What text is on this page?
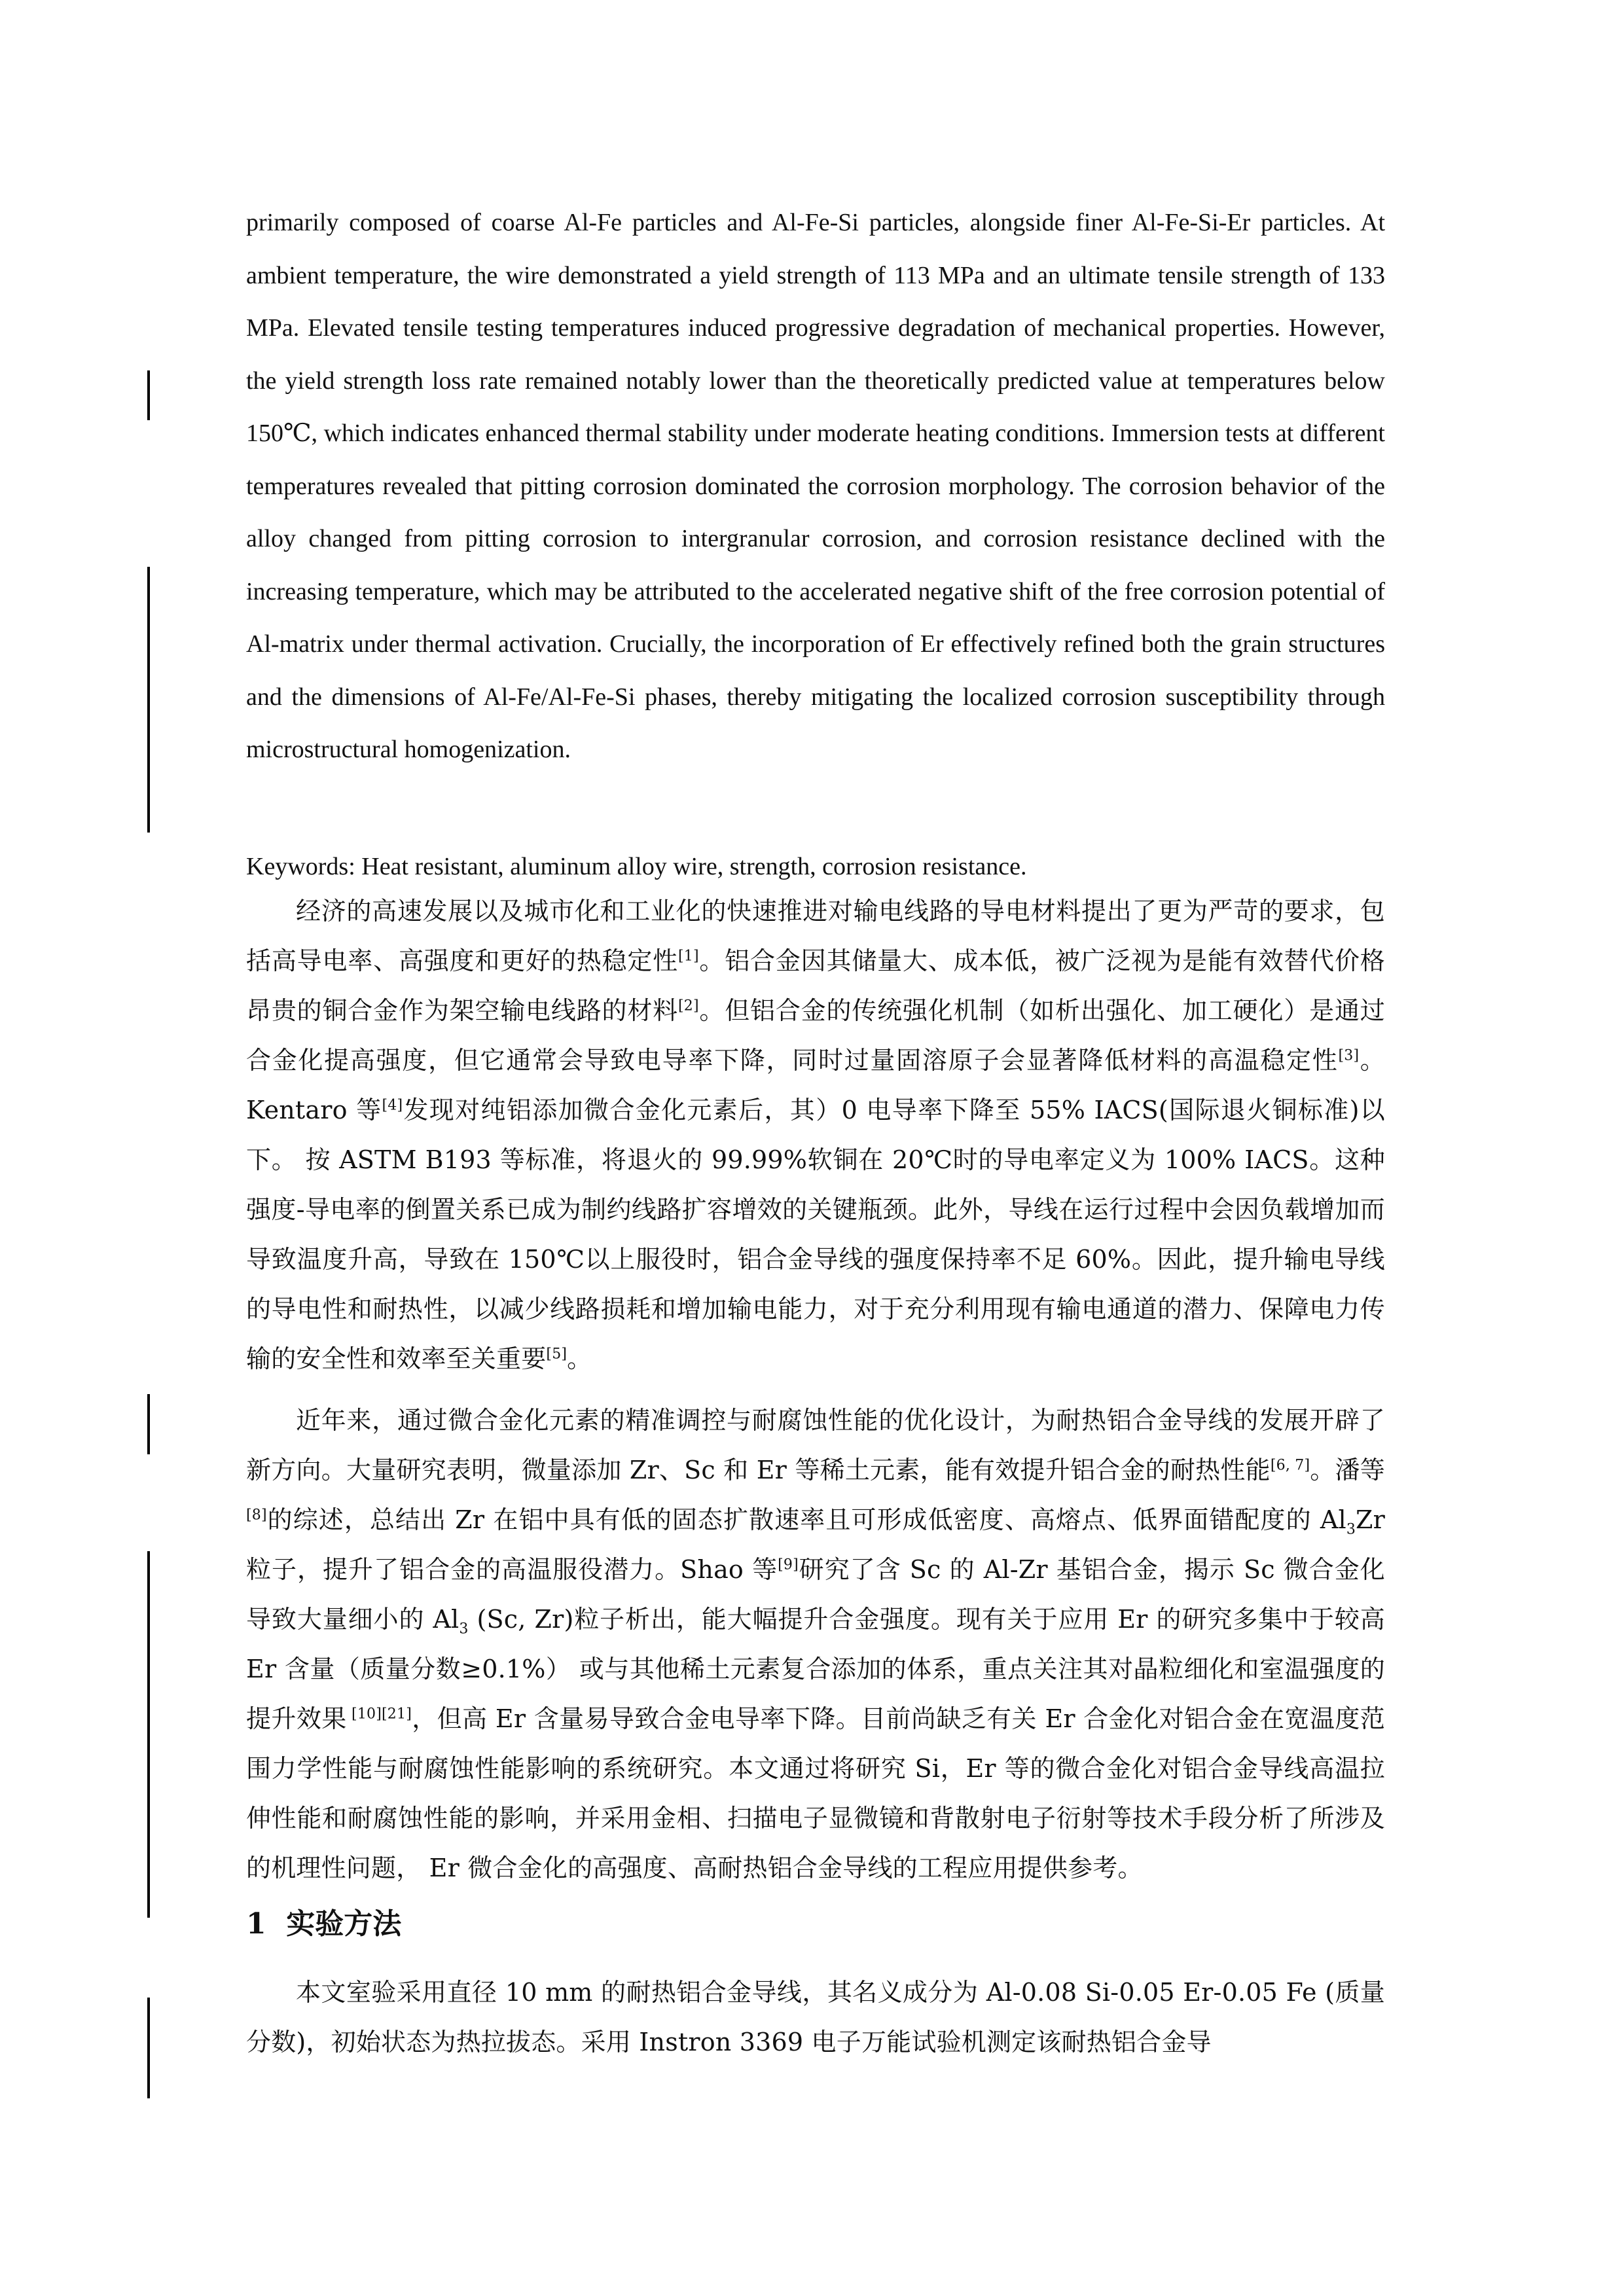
primarily composed of coarse Al-Fe particles and Al-Fe-Si particles, alongside finer Al-Fe-Si-Er particles. At ambient temperature, the wire demonstrated a yield strength of 113 MPa and an ultimate tensile strength of 133 MPa. Elevated tensile testing temperatures induced progressive degradation of mechanical properties. However, the yield strength loss rate remained notably lower than the theoretically predicted value at temperatures below 150℃, which indicates enhanced thermal stability under moderate heating conditions. Immersion tests at different temperatures revealed that pitting corrosion dominated the corrosion morphology. The corrosion behavior of the alloy changed from pitting corrosion to intergranular corrosion, and corrosion resistance declined with the increasing temperature, which may be attributed to the accelerated negative shift of the free corrosion potential of Al-matrix under thermal activation. Crucially, the incorporation of Er effectively refined both the grain structures and the dimensions of Al-Fe/Al-Fe-Si phases, thereby mitigating the localized corrosion susceptibility through microstructural homogenization.

Keywords: Heat resistant, aluminum alloy wire, strength, corrosion resistance.

经济的高速发展以及城市化和工业化的快速推进对输电线路的导电材料提出了更为严苛的要求，包括高导电率、高强度和更好的热稳定性[1]。铝合金因其储量大、成本低，被广泛视为是能有效替代价格昂贵的铜合金作为架空输电线路的材料[2]。但铝合金的传统强化机制（如析出强化、加工硬化）是通过合金化提高强度，但它通常会导致电导率下降，同时过量固溶原子会显著降低材料的高温稳定性[3]。Kentaro 等[4]发现对纯铝添加微合金化元素后，其）0 电导率下降至 55% IACS(国际退火铜标准)以下。 按 ASTM B193 等标准，将退火的 99.99%软铜在 20℃时的导电率定义为 100% IACS。这种强度-导电率的倒置关系已成为制约线路扩容增效的关键瓶颈。此外，导线在运行过程中会因负载增加而导致温度升高，导致在 150℃以上服役时，铝合金导线的强度保持率不足 60%。因此，提升输电导线的导电性和耐热性，以减少线路损耗和增加输电能力，对于充分利用现有输电通道的潜力、保障电力传输的安全性和效率至关重要[5]。

近年来，通过微合金化元素的精准调控与耐腐蚀性能的优化设计，为耐热铝合金导线的发展开辟了新方向。大量研究表明，微量添加 Zr、Sc 和 Er 等稀土元素，能有效提升铝合金的耐热性能[6, 7]。潘等[8]的综述，总结出 Zr 在铝中具有低的固态扩散速率且可形成低密度、高熔点、低界面错配度的 $Al_3Zr$ 粒子，提升了铝合金的高温服役潜力。Shao 等[9]研究了含 Sc 的 Al-Zr 基铝合金，揭示 Sc 微合金化导致大量细小的 $Al_3$ (Sc, Zr)粒子析出，能大幅提升合金强度。现有关于应用 Er 的研究多集中于较高 Er 含量（质量分数≥0.1%） 或与其他稀土元素复合添加的体系，重点关注其对晶粒细化和室温强度的提升效果 [10][21]，但高 Er 含量易导致合金电导率下降。目前尚缺乏有关 Er 合金化对铝合金在宽温度范围力学性能与耐腐蚀性能影响的系统研究。本文通过将研究 Si，Er 等的微合金化对铝合金导线高温拉伸性能和耐腐蚀性能的影响，并采用金相、扫描电子显微镜和背散射电子衍射等技术手段分析了所涉及的机理性问题， Er 微合金化的高强度、高耐热铝合金导线的工程应用提供参考。

1 实验方法

本文室验采用直径 10 mm 的耐热铝合金导线，其名义成分为 Al-0.08 Si-0.05 Er-0.05 Fe (质量分数)，初始状态为热拉拔态。采用 Instron 3369 电子万能试验机测定该耐热铝合金导
